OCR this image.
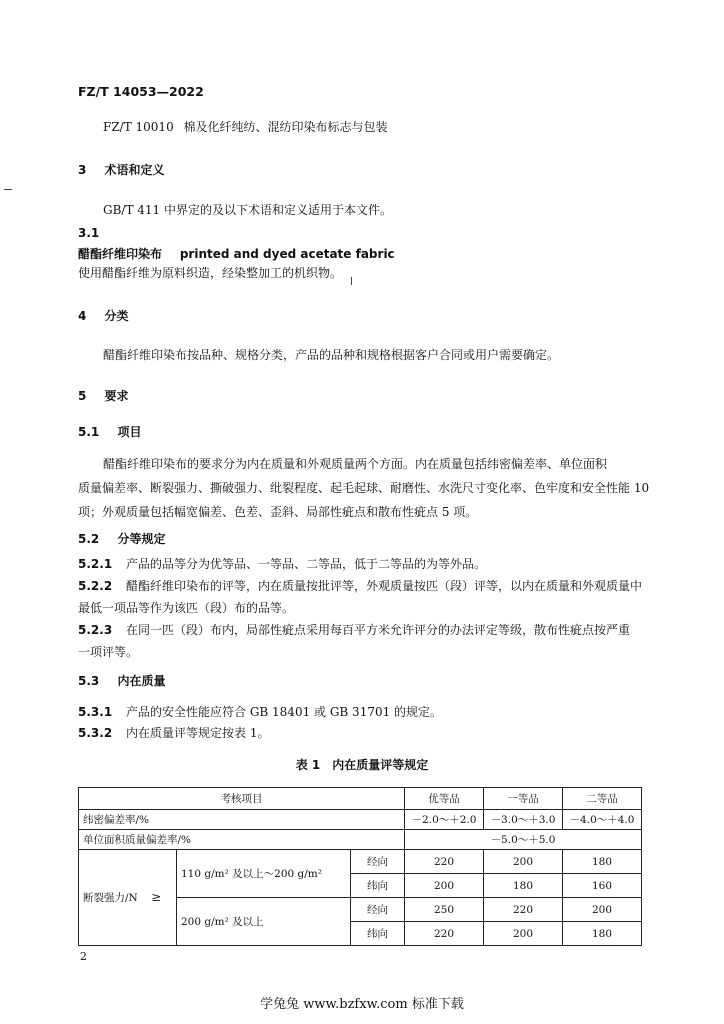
FZ/T 14053—2022
FZ/T 10010 棉及化纤纯纺、混纺印染布标志与包装
3 术语和定义
GB/T 411 中界定的及以下术语和定义适用于本文件。
3.1
醋酯纤维印染布 printed and dyed acetate fabric
使用醋酯纤维为原料织造，经染整加工的机织物。
4 分类
醋酯纤维印染布按品种、规格分类，产品的品种和规格根据客户合同或用户需要确定。
5 要求
5.1 项目
醋酯纤维印染布的要求分为内在质量和外观质量两个方面。内在质量包括纬密偏差率、单位面积
质量偏差率、断裂强力、撕破强力、纰裂程度、起毛起球、耐磨性、水洗尺寸变化率、色牢度和安全性能 10
项；外观质量包括幅宽偏差、色差、歪斜、局部性疵点和散布性疵点 5 项。
5.2 分等规定
5.2.1 产品的品等分为优等品、一等品、二等品，低于二等品的为等外品。
5.2.2 醋酯纤维印染布的评等，内在质量按批评等，外观质量按匹（段）评等，以内在质量和外观质量中
最低一项品等作为该匹（段）布的品等。
5.2.3 在同一匹（段）布内，局部性疵点采用每百平方米允许评分的办法评定等级，散布性疵点按严重
一项评等。
5.3 内在质量
5.3.1 产品的安全性能应符合 GB 18401 或 GB 31701 的规定。
5.3.2 内在质量评等规定按表 1。
表 1　内在质量评等规定
考核项目			优等品	一等品	二等品
纬密偏差率/%			－2.0～＋2.0	－3.0～＋3.0	－4.0～＋4.0
单位面积质量偏差率/%			－5.0～＋5.0		
断裂强力/N ≥	110 g/m² 及以上～200 g/m²	经向	220	200	180
		纬向	200	180	160
	200 g/m² 及以上	经向	250	220	200
		纬向	220	200	180
2
学兔兔 www.bzfxw.com 标准下载
